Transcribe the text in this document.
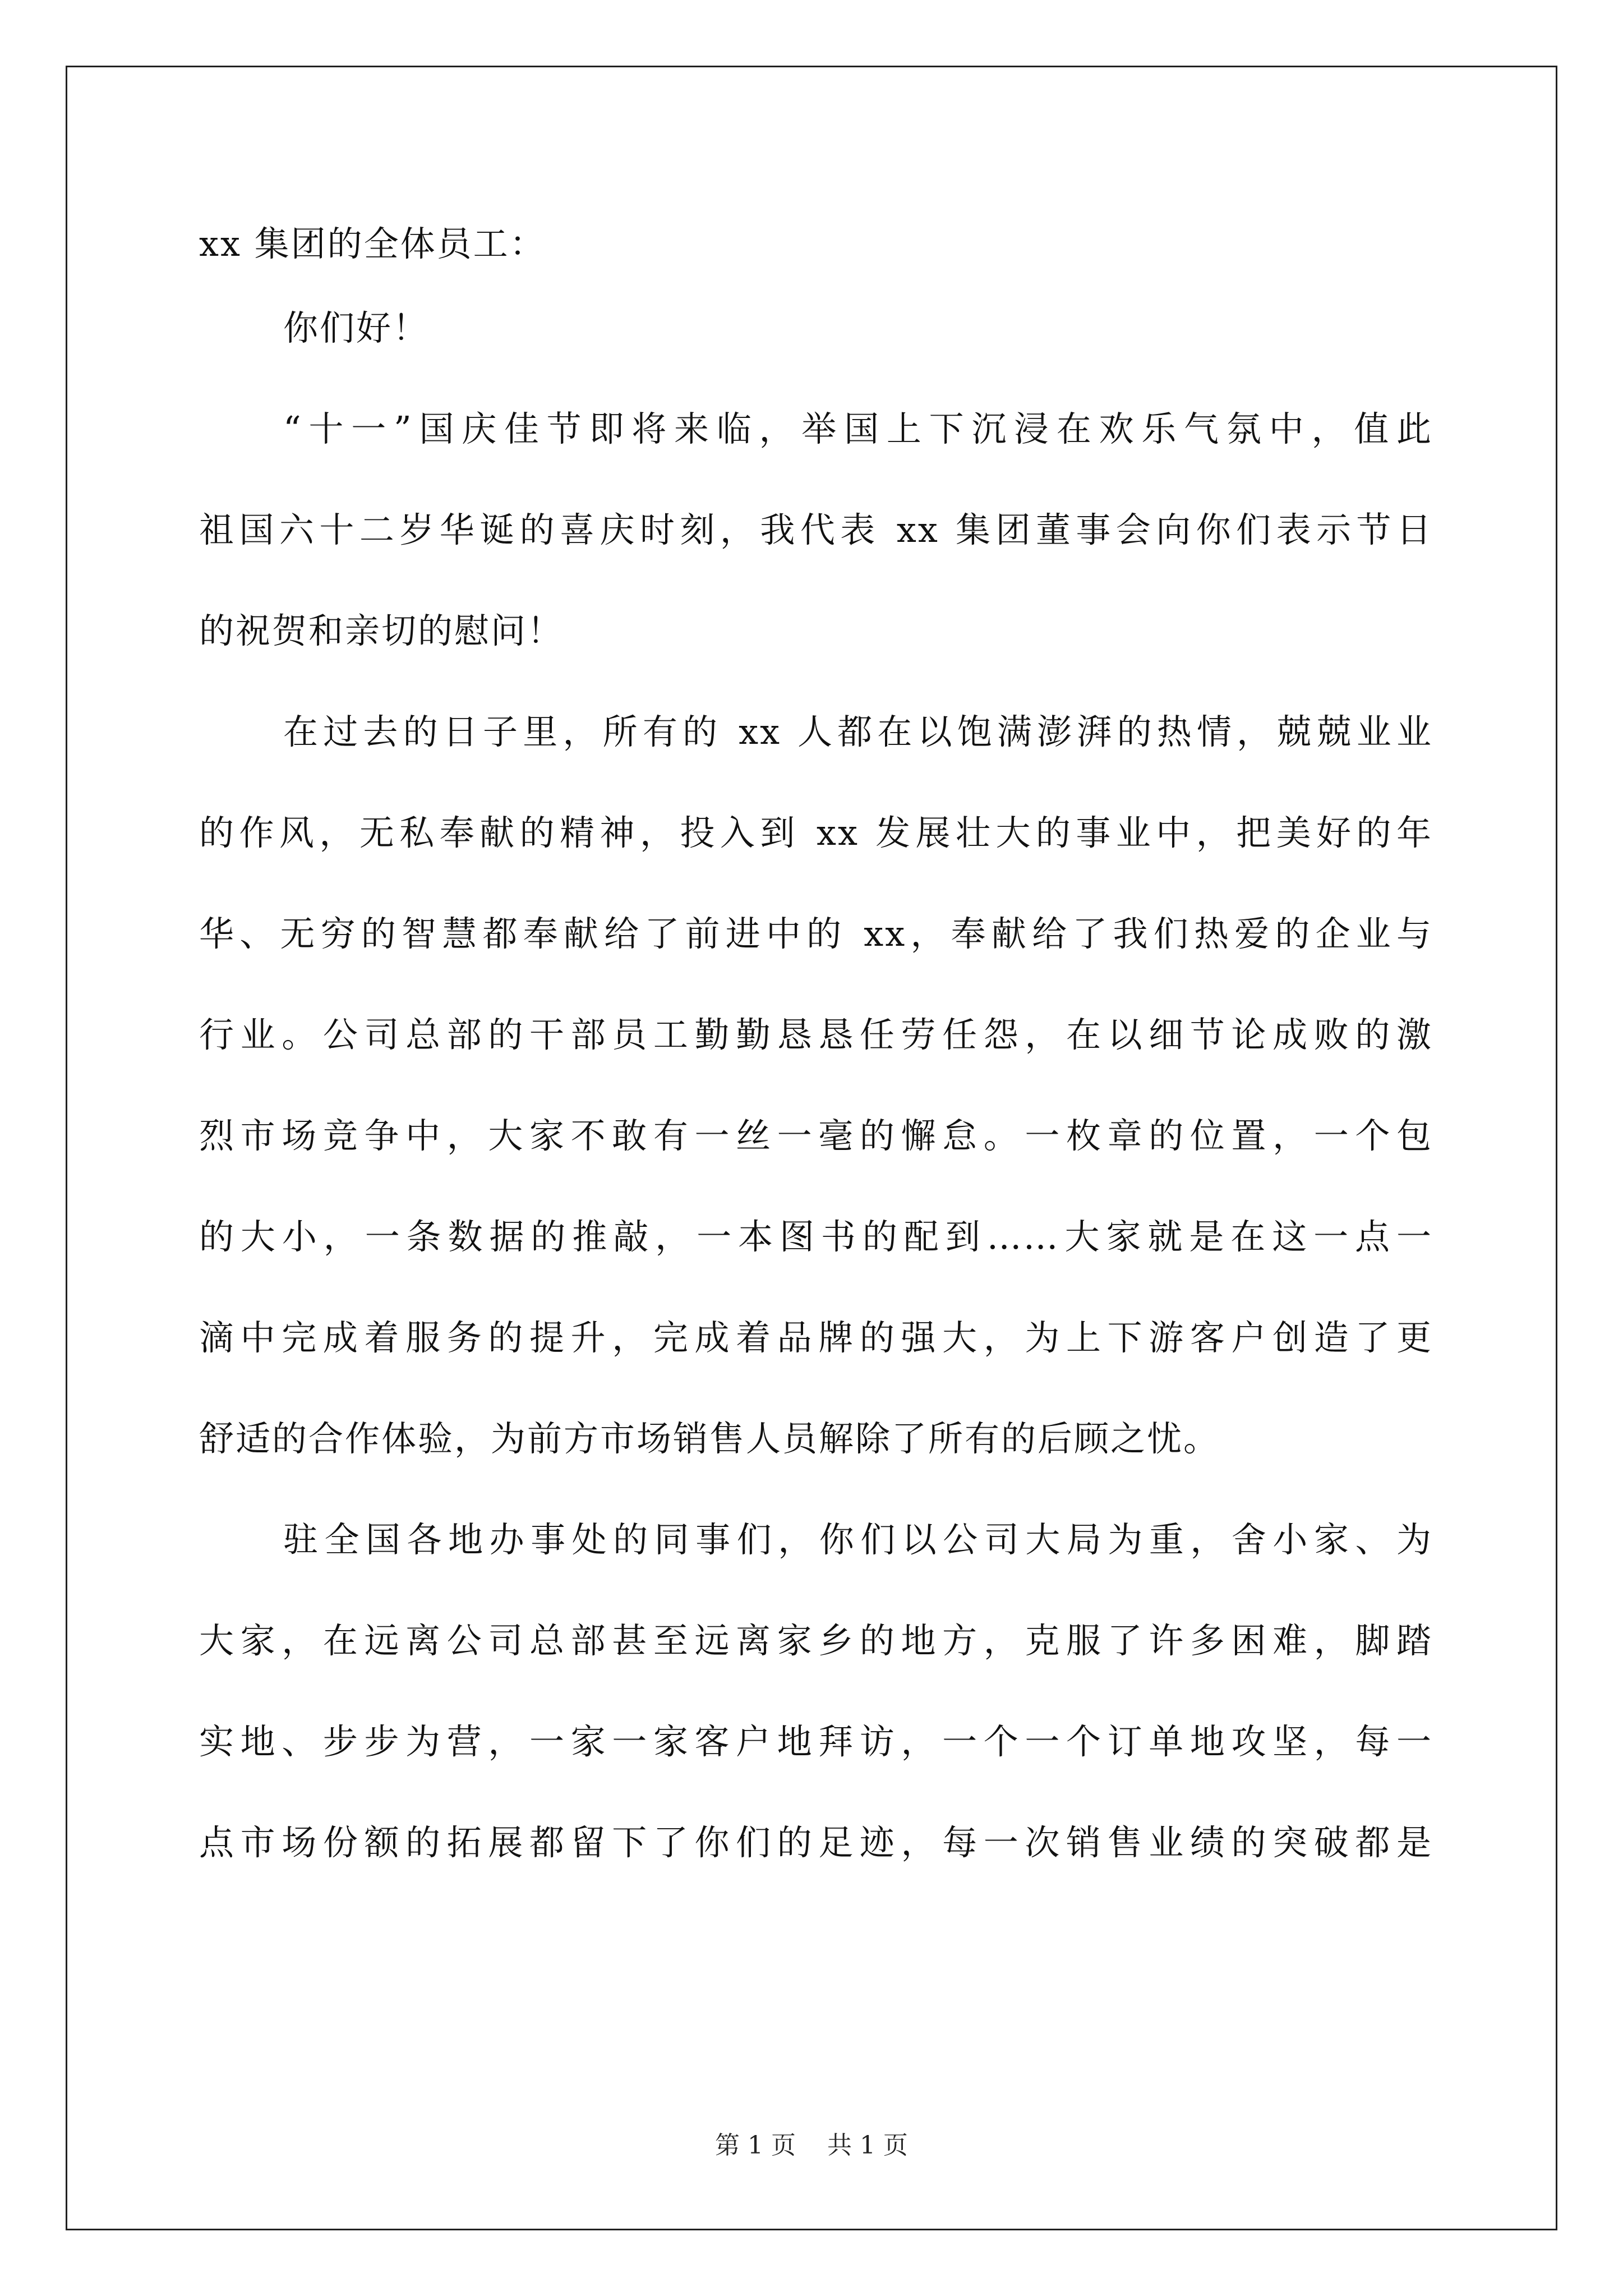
xx 集团的全体员工：
你们好！
“十一”国庆佳节即将来临，举国上下沉浸在欢乐气氛中，值此
祖国六十二岁华诞的喜庆时刻，我代表 xx 集团董事会向你们表示节日
的祝贺和亲切的慰问！
在过去的日子里，所有的 xx 人都在以饱满澎湃的热情，兢兢业业
的作风，无私奉献的精神，投入到 xx 发展壮大的事业中，把美好的年
华、无穷的智慧都奉献给了前进中的 xx，奉献给了我们热爱的企业与
行业。公司总部的干部员工勤勤恳恳任劳任怨，在以细节论成败的激
烈市场竞争中，大家不敢有一丝一毫的懈怠。一枚章的位置，一个包
的大小，一条数据的推敲，一本图书的配到……大家就是在这一点一
滴中完成着服务的提升，完成着品牌的强大，为上下游客户创造了更
舒适的合作体验，为前方市场销售人员解除了所有的后顾之忧。
驻全国各地办事处的同事们，你们以公司大局为重，舍小家、为
大家，在远离公司总部甚至远离家乡的地方，克服了许多困难，脚踏
实地、步步为营，一家一家客户地拜访，一个一个订单地攻坚，每一
点市场份额的拓展都留下了你们的足迹，每一次销售业绩的突破都是
第 1 页 共 1 页
